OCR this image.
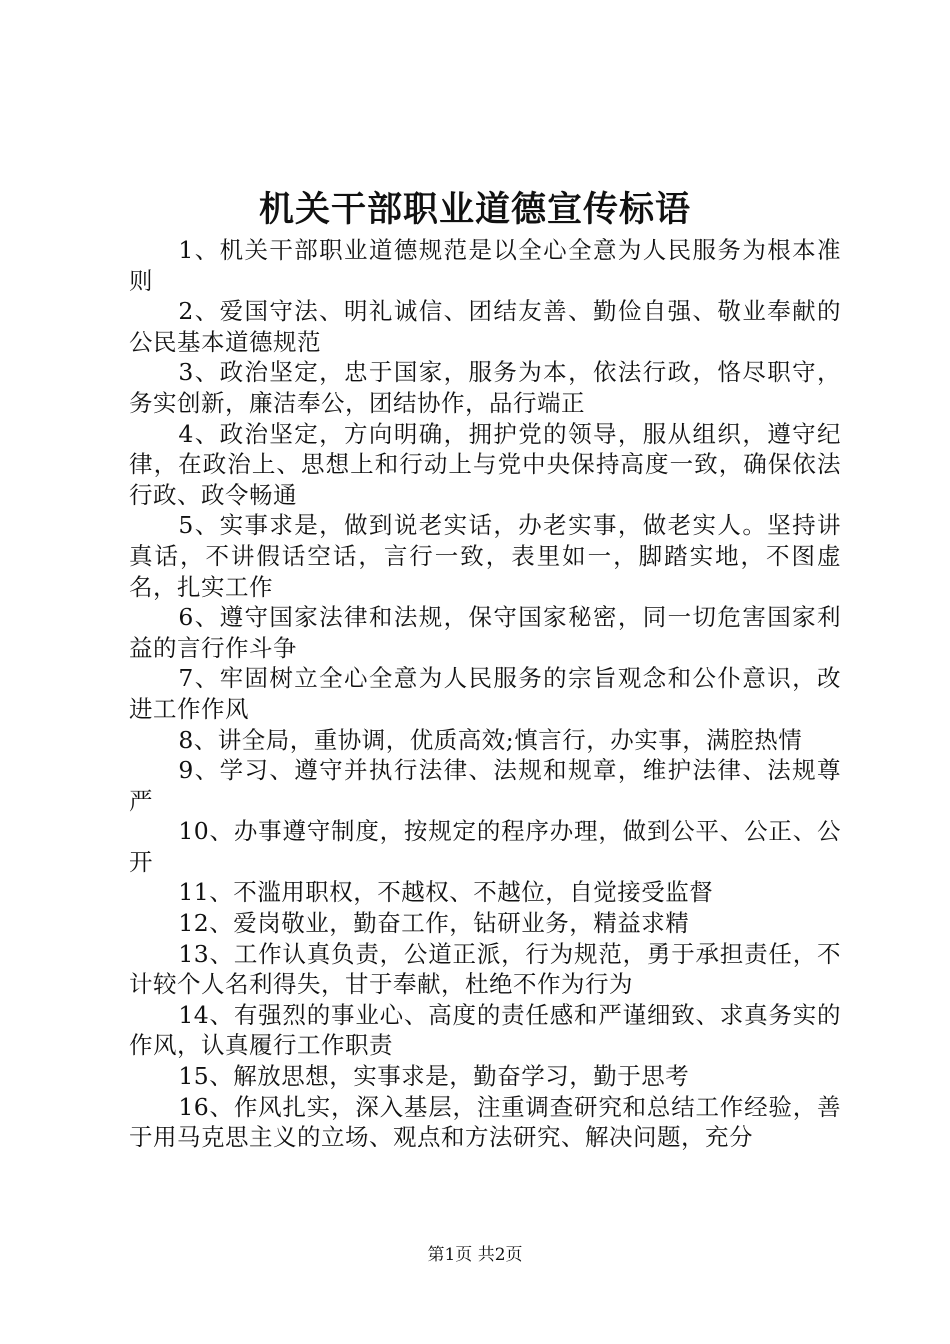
机关干部职业道德宣传标语
1、机关干部职业道德规范是以全心全意为人民服务为根本准则
2、爱国守法、明礼诚信、团结友善、勤俭自强、敬业奉献的公民基本道德规范
3、政治坚定，忠于国家，服务为本，依法行政，恪尽职守，务实创新，廉洁奉公，团结协作，品行端正
4、政治坚定，方向明确，拥护党的领导，服从组织，遵守纪律，在政治上、思想上和行动上与党中央保持高度一致，确保依法行政、政令畅通
5、实事求是，做到说老实话，办老实事，做老实人。坚持讲真话，不讲假话空话，言行一致，表里如一，脚踏实地，不图虚名，扎实工作
6、遵守国家法律和法规，保守国家秘密，同一切危害国家利益的言行作斗争
7、牢固树立全心全意为人民服务的宗旨观念和公仆意识，改进工作作风
8、讲全局，重协调，优质高效;慎言行，办实事，满腔热情
9、学习、遵守并执行法律、法规和规章，维护法律、法规尊严
10、办事遵守制度，按规定的程序办理，做到公平、公正、公开
11、不滥用职权，不越权、不越位，自觉接受监督
12、爱岗敬业，勤奋工作，钻研业务，精益求精
13、工作认真负责，公道正派，行为规范，勇于承担责任，不计较个人名利得失，甘于奉献，杜绝不作为行为
14、有强烈的事业心、高度的责任感和严谨细致、求真务实的作风，认真履行工作职责
15、解放思想，实事求是，勤奋学习，勤于思考
16、作风扎实，深入基层，注重调查研究和总结工作经验，善于用马克思主义的立场、观点和方法研究、解决问题，充分
第1页 共2页
